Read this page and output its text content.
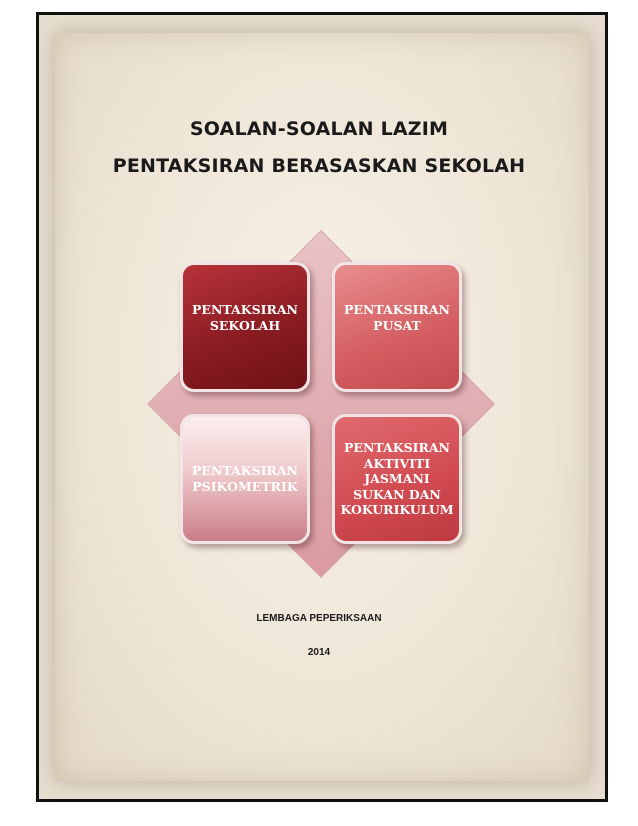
SOALAN-SOALAN LAZIM
PENTAKSIRAN BERASASKAN SEKOLAH
PENTAKSIRAN SEKOLAH
PENTAKSIRAN PUSAT
PENTAKSIRAN PSIKOMETRIK
PENTAKSIRAN AKTIVITI JASMANI SUKAN DAN KOKURIKULUM
LEMBAGA PEPERIKSAAN
2014
